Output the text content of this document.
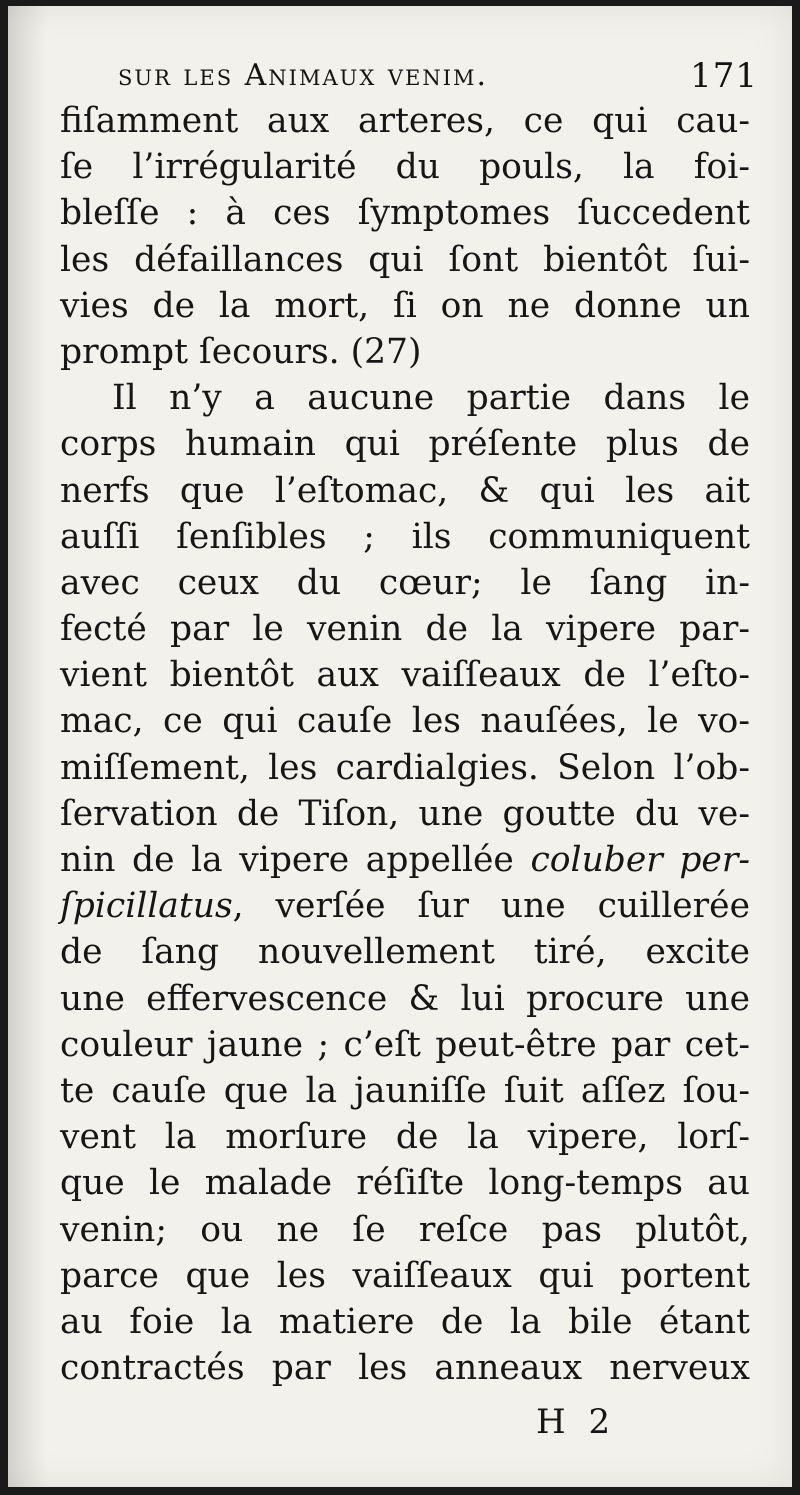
sur les Animaux venim.	171
ﬁſamment aux arteres, ce qui cau-
ſe l’irrégularité du pouls, la foi-
bleſſe : à ces ſymptomes ſuccedent
les défaillances qui ſont bientôt ſui-
vies de la mort, ſi on ne donne un
prompt ſecours. (27)
Il n’y a aucune partie dans le
corps humain qui préſente plus de
nerfs que l’eſtomac, & qui les ait
auſſi ſenſibles ; ils communiquent
avec ceux du cœur; le ſang in-
fecté par le venin de la vipere par-
vient bientôt aux vaiſſeaux de l’eſto-
mac, ce qui cauſe les nauſées, le vo-
miſſement, les cardialgies. Selon l’ob-
ſervation de Tiſon, une goutte du ve-
nin de la vipere appellée coluber per-
ſpicillatus, verſée ſur une cuillerée
de ſang nouvellement tiré, excite
une effervescence & lui procure une
couleur jaune ; c’eſt peut-être par cet-
te cauſe que la jauniſſe ſuit aſſez ſou-
vent la morſure de la vipere, lorſ-
que le malade réſiſte long-temps au
venin; ou ne ſe reſce pas plutôt,
parce que les vaiſſeaux qui portent
au foie la matiere de la bile étant
contractés par les anneaux nerveux
H 2
